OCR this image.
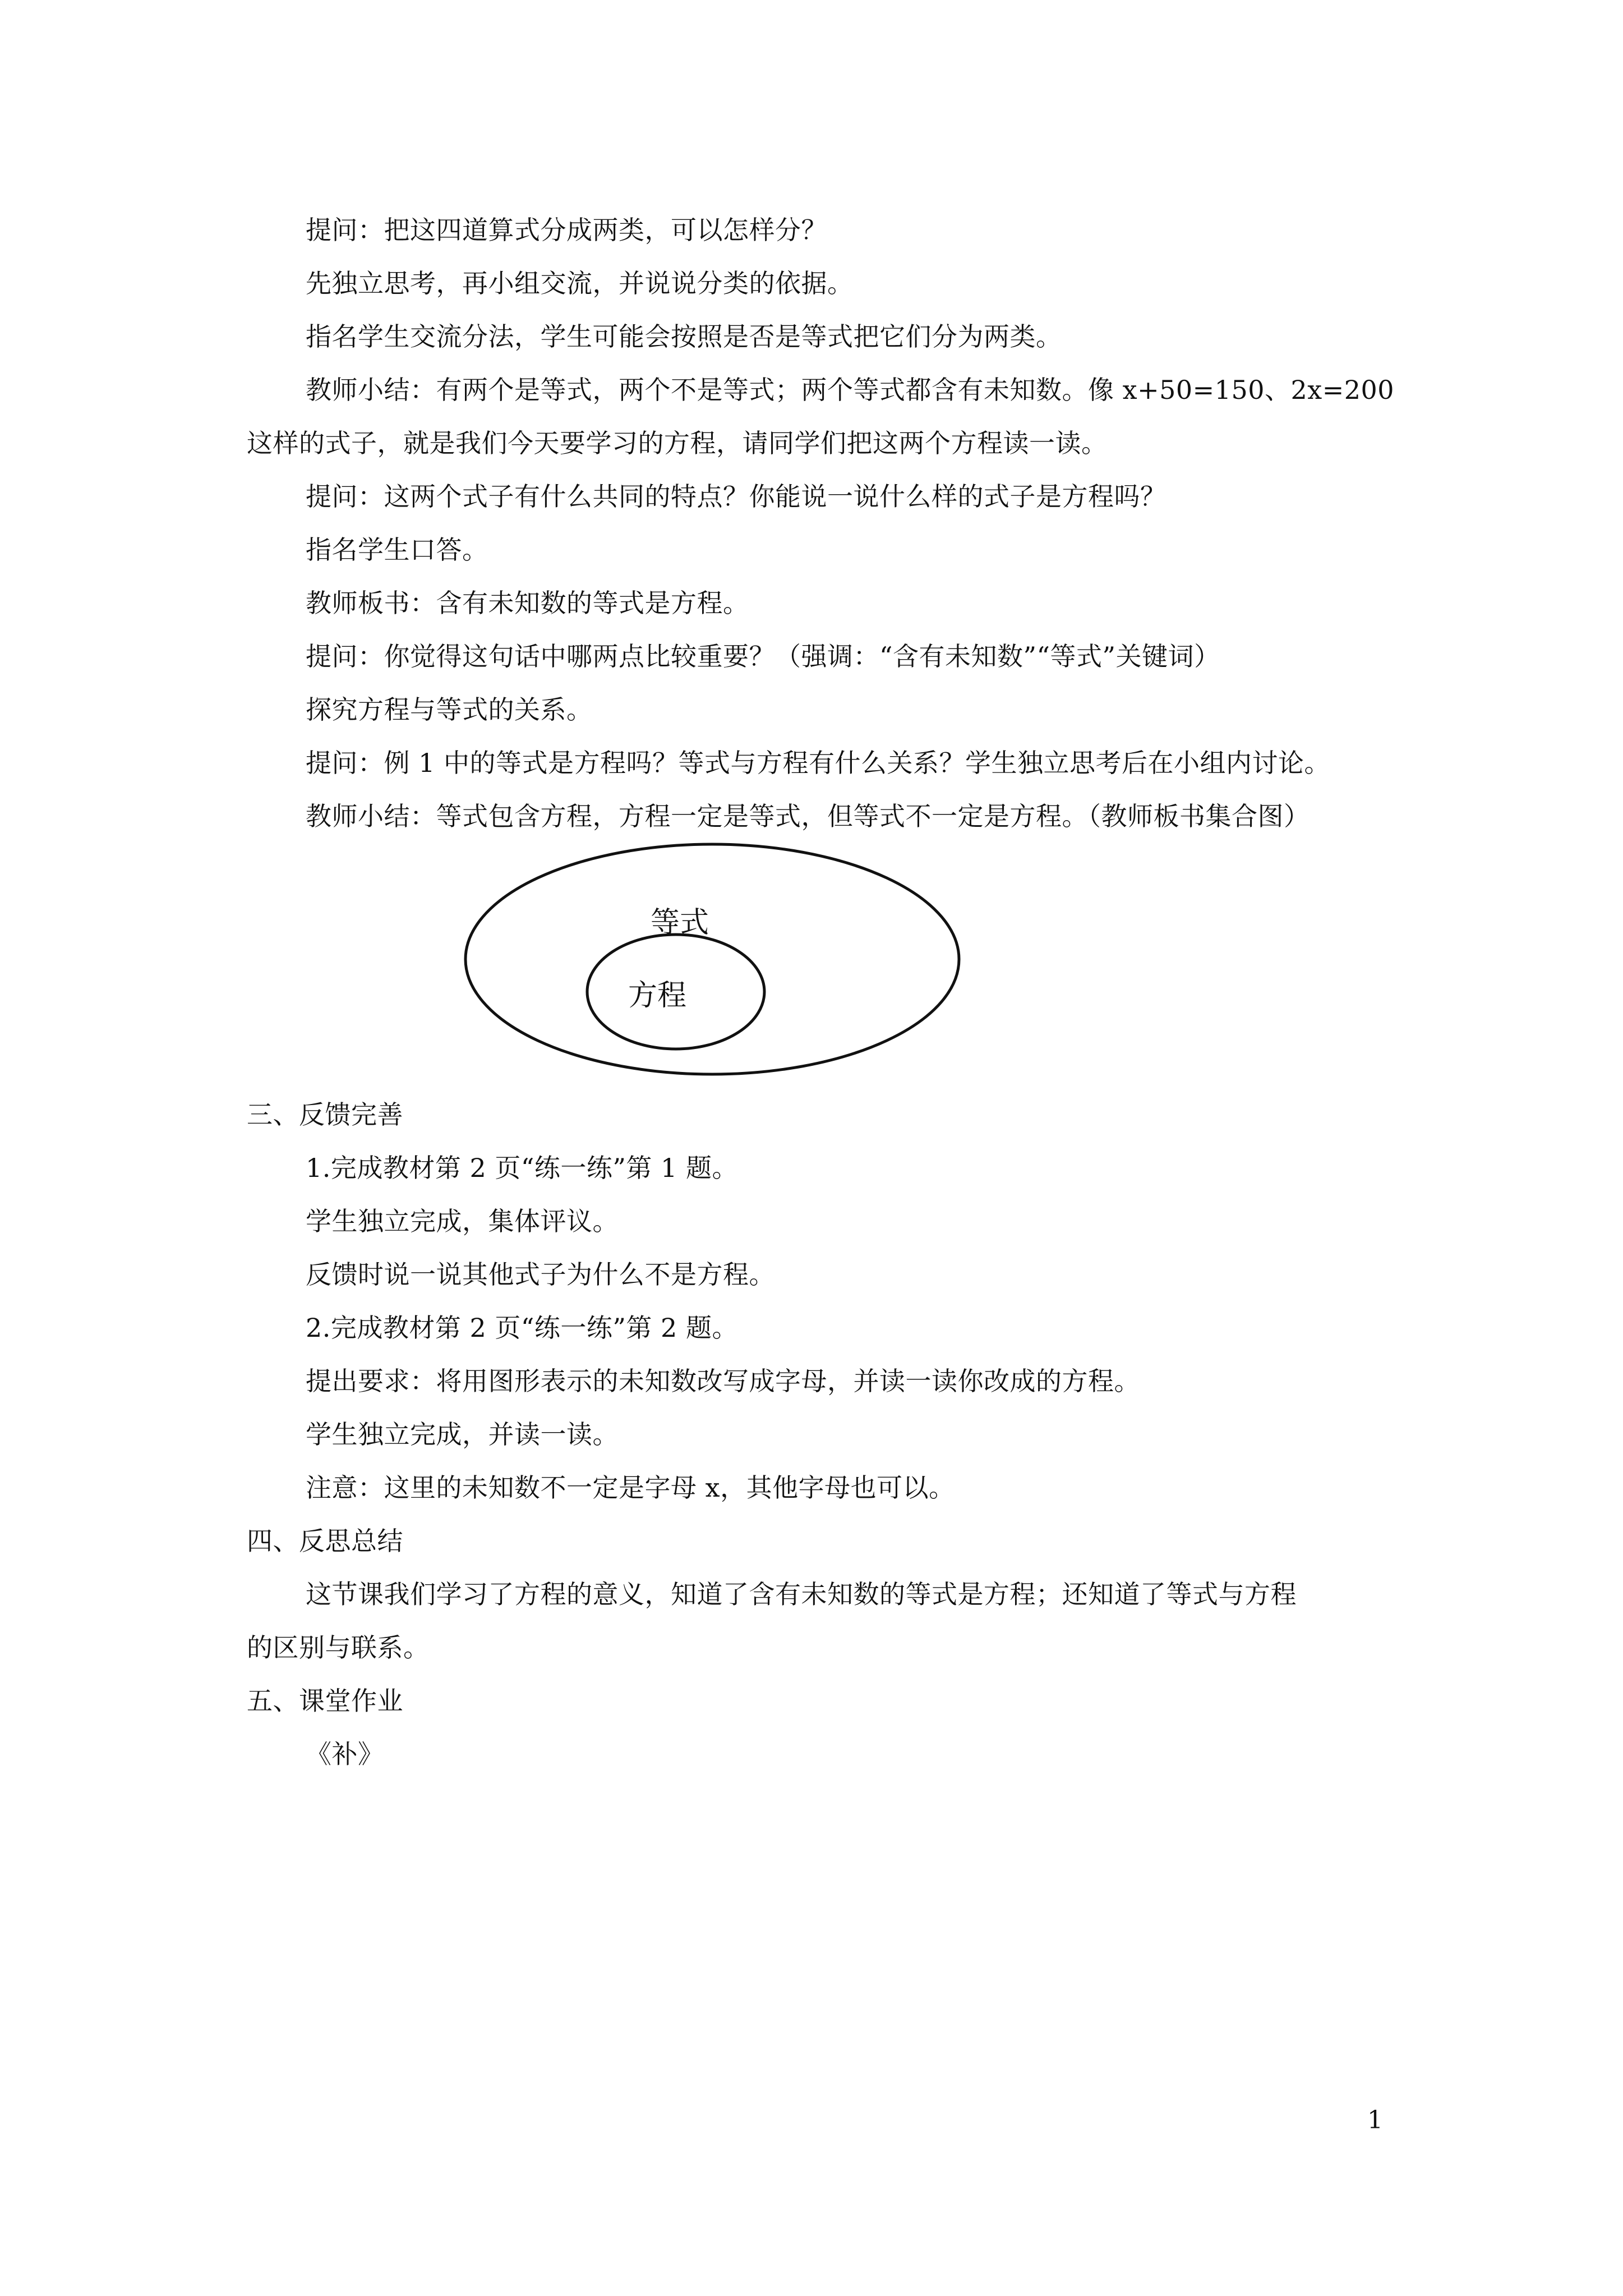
提问：把这四道算式分成两类，可以怎样分？
先独立思考，再小组交流，并说说分类的依据。
指名学生交流分法，学生可能会按照是否是等式把它们分为两类。
教师小结：有两个是等式，两个不是等式；两个等式都含有未知数。像 x+50=150、2x=200
这样的式子，就是我们今天要学习的方程，请同学们把这两个方程读一读。
提问：这两个式子有什么共同的特点？你能说一说什么样的式子是方程吗？
指名学生口答。
教师板书：含有未知数的等式是方程。
提问：你觉得这句话中哪两点比较重要？（强调：“含有未知数”“等式”关键词）
探究方程与等式的关系。
提问：例 1 中的等式是方程吗？等式与方程有什么关系？学生独立思考后在小组内讨论。
教师小结：等式包含方程，方程一定是等式，但等式不一定是方程。（教师板书集合图）
等式
方程
三、反馈完善
1.完成教材第 2 页“练一练”第 1 题。
学生独立完成，集体评议。
反馈时说一说其他式子为什么不是方程。
2.完成教材第 2 页“练一练”第 2 题。
提出要求：将用图形表示的未知数改写成字母，并读一读你改成的方程。
学生独立完成，并读一读。
注意：这里的未知数不一定是字母 x，其他字母也可以。
四、反思总结
这节课我们学习了方程的意义，知道了含有未知数的等式是方程；还知道了等式与方程
的区别与联系。
五、课堂作业
《补》
1
